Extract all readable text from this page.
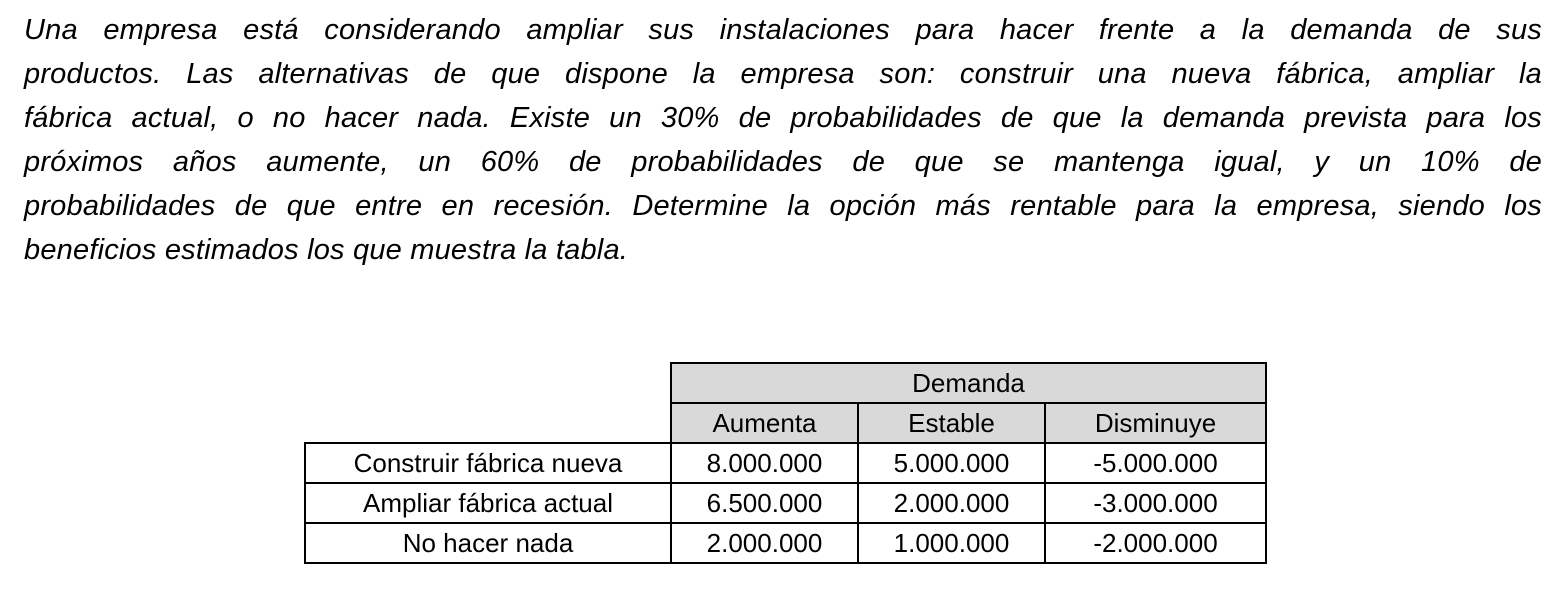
Una empresa está considerando ampliar sus instalaciones para hacer frente a la demanda de sus
productos. Las alternativas de que dispone la empresa son: construir una nueva fábrica, ampliar la
fábrica actual, o no hacer nada. Existe un 30% de probabilidades de que la demanda prevista para los
próximos años aumente, un 60% de probabilidades de que se mantenga igual, y un 10% de
probabilidades de que entre en recesión. Determine la opción más rentable para la empresa, siendo los
beneficios estimados los que muestra la tabla.
	Demanda		
	Aumenta	Estable	Disminuye
Construir fábrica nueva	8.000.000	5.000.000	-5.000.000
Ampliar fábrica actual	6.500.000	2.000.000	-3.000.000
No hacer nada	2.000.000	1.000.000	-2.000.000
